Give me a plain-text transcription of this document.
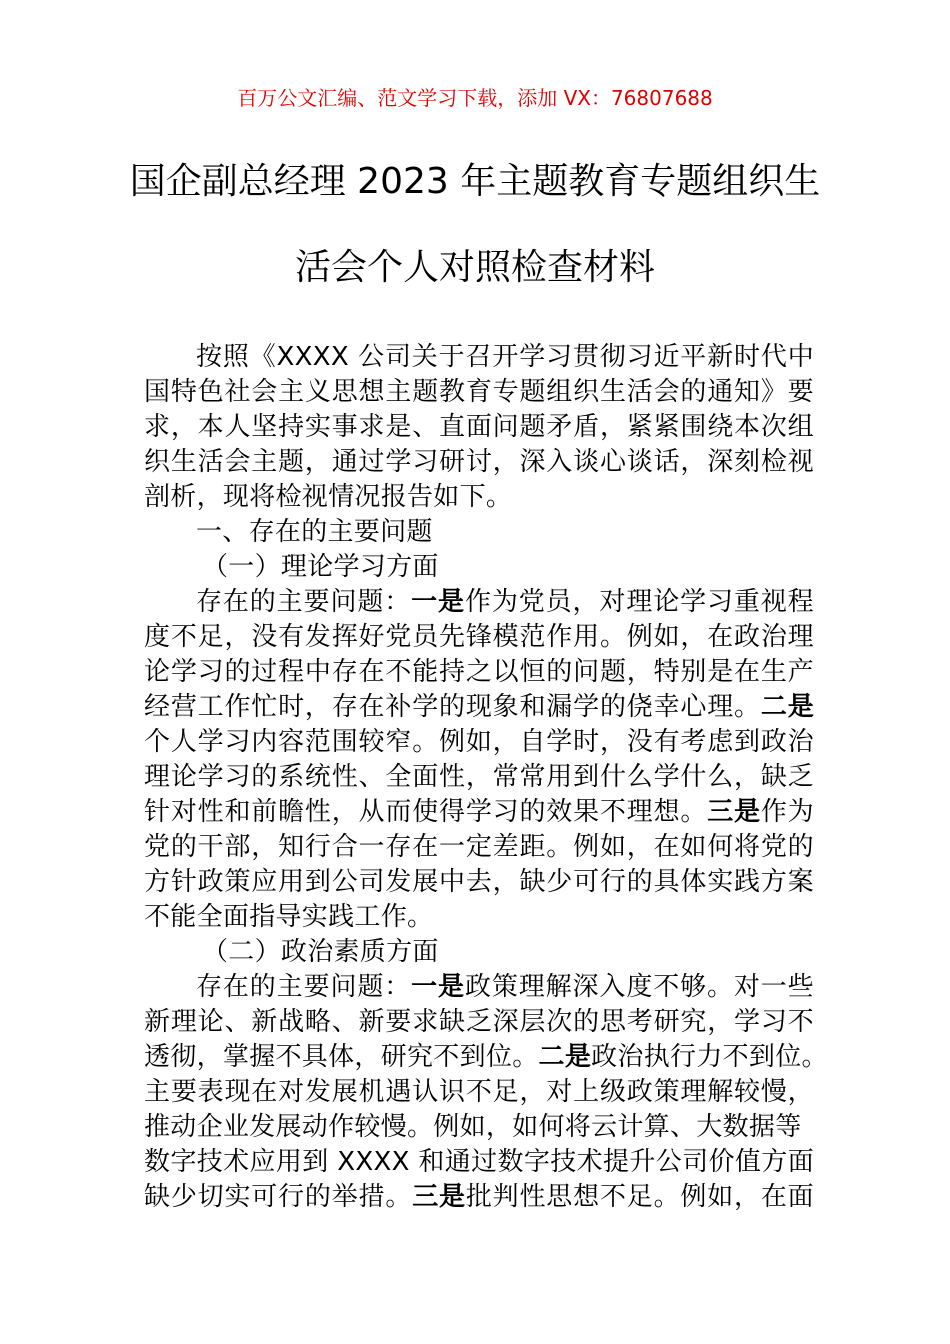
百万公文汇编、范文学习下载，添加 VX：76807688
国企副总经理 2023 年主题教育专题组织生
活会个人对照检查材料
按照《XXXX 公司关于召开学习贯彻习近平新时代中
国特色社会主义思想主题教育专题组织生活会的通知》要
求，本人坚持实事求是、直面问题矛盾，紧紧围绕本次组
织生活会主题，通过学习研讨，深入谈心谈话，深刻检视
剖析，现将检视情况报告如下。
一、存在的主要问题
（一）理论学习方面
存在的主要问题：一是作为党员，对理论学习重视程
度不足，没有发挥好党员先锋模范作用。例如，在政治理
论学习的过程中存在不能持之以恒的问题，特别是在生产
经营工作忙时，存在补学的现象和漏学的侥幸心理。二是
个人学习内容范围较窄。例如，自学时，没有考虑到政治
理论学习的系统性、全面性，常常用到什么学什么，缺乏
针对性和前瞻性，从而使得学习的效果不理想。三是作为
党的干部，知行合一存在一定差距。例如，在如何将党的
方针政策应用到公司发展中去，缺少可行的具体实践方案
不能全面指导实践工作。
（二）政治素质方面
存在的主要问题：一是政策理解深入度不够。对一些
新理论、新战略、新要求缺乏深层次的思考研究，学习不
透彻，掌握不具体，研究不到位。二是政治执行力不到位。
主要表现在对发展机遇认识不足，对上级政策理解较慢，
推动企业发展动作较慢。例如，如何将云计算、大数据等
数字技术应用到 XXXX 和通过数字技术提升公司价值方面
缺少切实可行的举措。三是批判性思想不足。例如，在面
